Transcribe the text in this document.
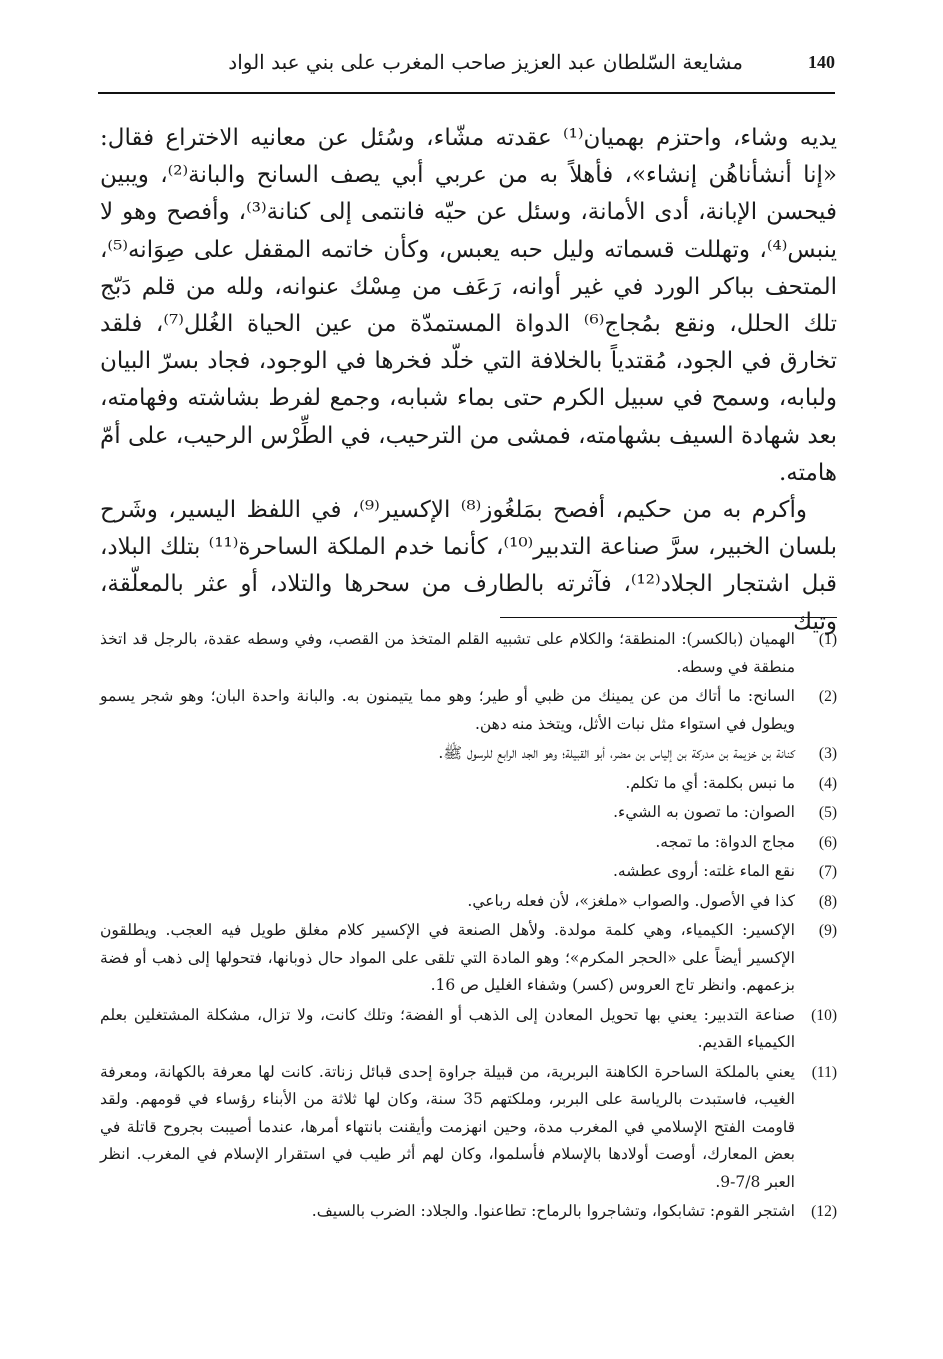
140
مشايعة السّلطان عبد العزيز صاحب المغرب على بني عبد الواد

يديه وشاء، واحتزم بهميان⁽¹⁾ عقدته مشّاء، وسُئل عن معانيه الاختراع فقال: «إنا أنشأناهُن إنشاء»، فأهلاً به من عربي أبي يصف السانح والبانة⁽²⁾، ويبين فيحسن الإبانة، أدى الأمانة، وسئل عن حيّه فانتمى إلى كنانة⁽³⁾، وأفصح وهو لا ينبس⁽⁴⁾، وتهللت قسماته وليل حبه يعبس، وكأن خاتمه المقفل على صِوَانه⁽⁵⁾، المتحف بباكر الورد في غير أوانه، رَعَف من مِسْك عنوانه، ولله من قلم دَبّج تلك الحلل، ونقع بمُجاج⁽⁶⁾ الدواة المستمدّة من عين الحياة الغُلل⁽⁷⁾، فلقد تخارق في الجود، مُقتدياً بالخلافة التي خلّد فخرها في الوجود، فجاد بسرّ البيان ولبابه، وسمح في سبيل الكرم حتى بماء شبابه، وجمع لفرط بشاشته وفهامته، بعد شهادة السيف بشهامته، فمشى من الترحيب، في الطِّرْس الرحيب، على أمّ هامته.

وأكرم به من حكيم، أفصح بمَلغُوز⁽⁸⁾ الإكسير⁽⁹⁾، في اللفظ اليسير، وشَرح بلسان الخبير، سرَّ صناعة التدبير⁽¹⁰⁾، كأنما خدم الملكة الساحرة⁽¹¹⁾ بتلك البلاد، قبل اشتجار الجلاد⁽¹²⁾، فآثرته بالطارف من سحرها والتلاد، أو عثر بالمعلّقة، وتيك

(1)
الهميان (بالكسر): المنطقة؛ والكلام على تشبيه القلم المتخذ من القصب، وفي وسطه عقدة، بالرجل قد اتخذ منطقة في وسطه.
(2)
السانح: ما أتاك من عن يمينك من ظبي أو طير؛ وهو مما يتيمنون به. والبانة واحدة البان؛ وهو شجر يسمو ويطول في استواء مثل نبات الأثل، ويتخذ منه دهن.
(3)
كنانة بن خزيمة بن مدركة بن إلياس بن مضر، أبو القبيلة؛ وهو الجد الرابع للرسول ﷺ.
(4)
ما نبس بكلمة: أي ما تكلم.
(5)
الصوان: ما تصون به الشيء.
(6)
مجاج الدواة: ما تمجه.
(7)
نقع الماء غلته: أروى عطشه.
(8)
كذا في الأصول. والصواب «ملغز»، لأن فعله رباعي.
(9)
الإكسير: الكيمياء، وهي كلمة مولدة. ولأهل الصنعة في الإكسير كلام مغلق طويل فيه العجب. ويطلقون الإكسير أيضاً على «الحجر المكرم»؛ وهو المادة التي تلقى على المواد حال ذوبانها، فتحولها إلى ذهب أو فضة بزعمهم. وانظر تاج العروس (كسر) وشفاء الغليل ص 16.
(10)
صناعة التدبير: يعني بها تحويل المعادن إلى الذهب أو الفضة؛ وتلك كانت، ولا تزال، مشكلة المشتغلين بعلم الكيمياء القديم.
(11)
يعني بالملكة الساحرة الكاهنة البربرية، من قبيلة جراوة إحدى قبائل زناتة. كانت لها معرفة بالكهانة، ومعرفة الغيب، فاستبدت بالرياسة على البربر، وملكتهم 35 سنة، وكان لها ثلاثة من الأبناء رؤساء في قومهم. ولقد قاومت الفتح الإسلامي في المغرب مدة، وحين انهزمت وأيقنت بانتهاء أمرها، عندما أصيبت بجروح قاتلة في بعض المعارك، أوصت أولادها بالإسلام فأسلموا، وكان لهم أثر طيب في استقرار الإسلام في المغرب. انظر العبر 7/8-9.
(12)
اشتجر القوم: تشابكوا، وتشاجروا بالرماح: تطاعنوا. والجلاد: الضرب بالسيف.
